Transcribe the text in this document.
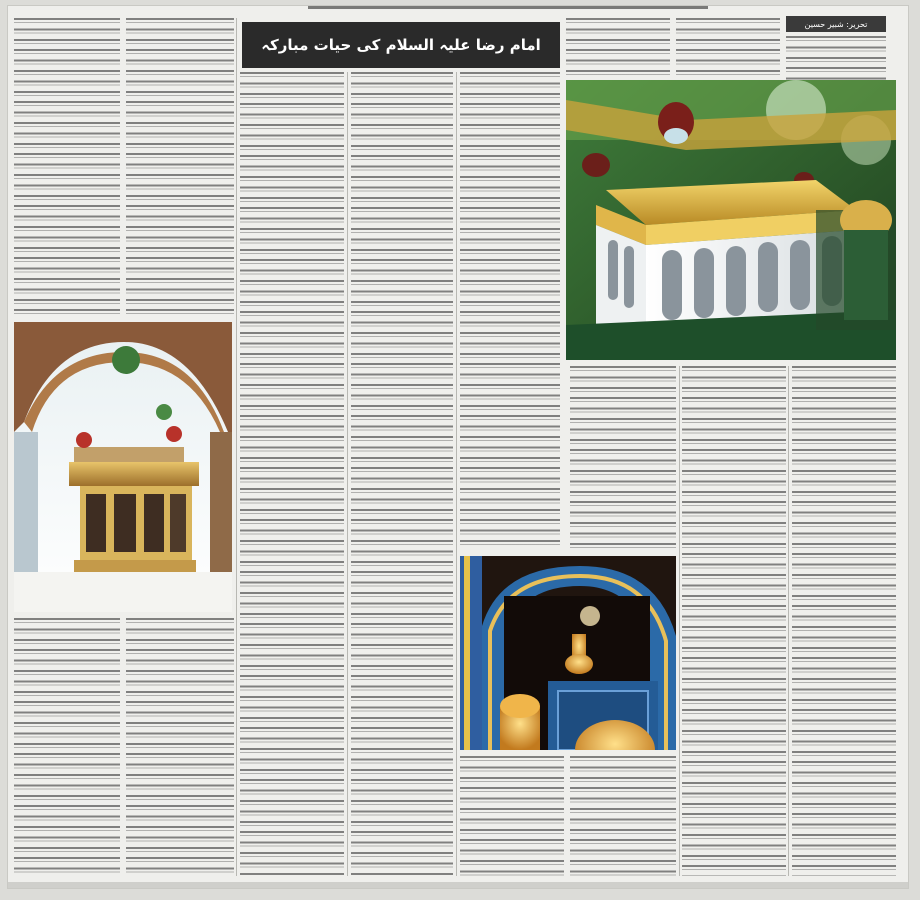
تحریر: شبیر حسین
امام رضا علیہ السلام کی حیات مبارکہ
